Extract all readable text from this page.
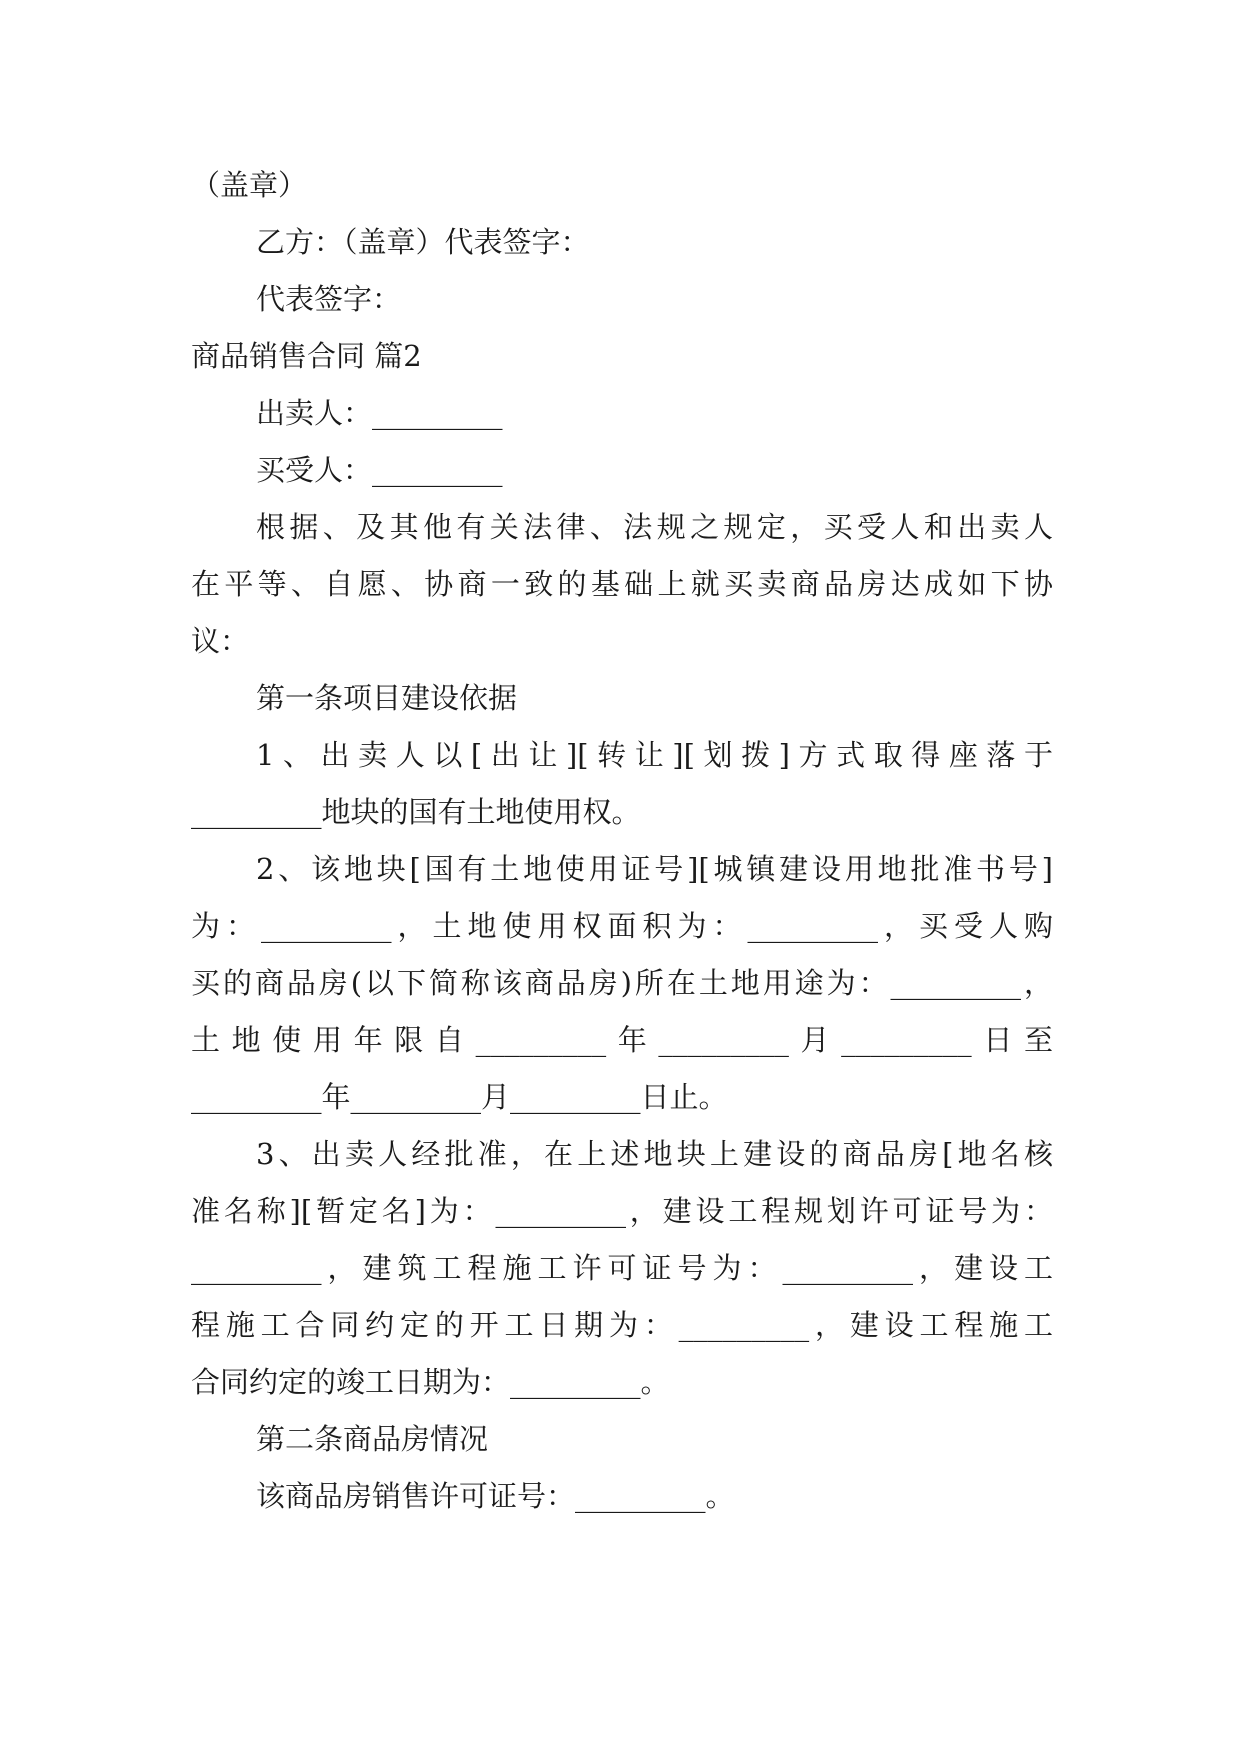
（盖章）
乙方：（盖章）代表签字：
代表签字：
商品销售合同 篇2
出卖人：_________
买受人：_________
根据、及其他有关法律、法规之规定，买受人和出卖人
在平等、自愿、协商一致的基础上就买卖商品房达成如下协
议：
第一条项目建设依据
1、出卖人以[出让][转让][划拨]方式取得座落于
_________地块的国有土地使用权。
2、该地块[国有土地使用证号][城镇建设用地批准书号]
为：_________，土地使用权面积为：_________，买受人购
买的商品房(以下简称该商品房)所在土地用途为：_________，
土地使用年限自_________年_________月_________日至
_________年_________月_________日止。
3、出卖人经批准，在上述地块上建设的商品房[地名核
准名称][暂定名]为：_________，建设工程规划许可证号为：
_________，建筑工程施工许可证号为：_________，建设工
程施工合同约定的开工日期为：_________，建设工程施工
合同约定的竣工日期为：_________。
第二条商品房情况
该商品房销售许可证号：_________。
